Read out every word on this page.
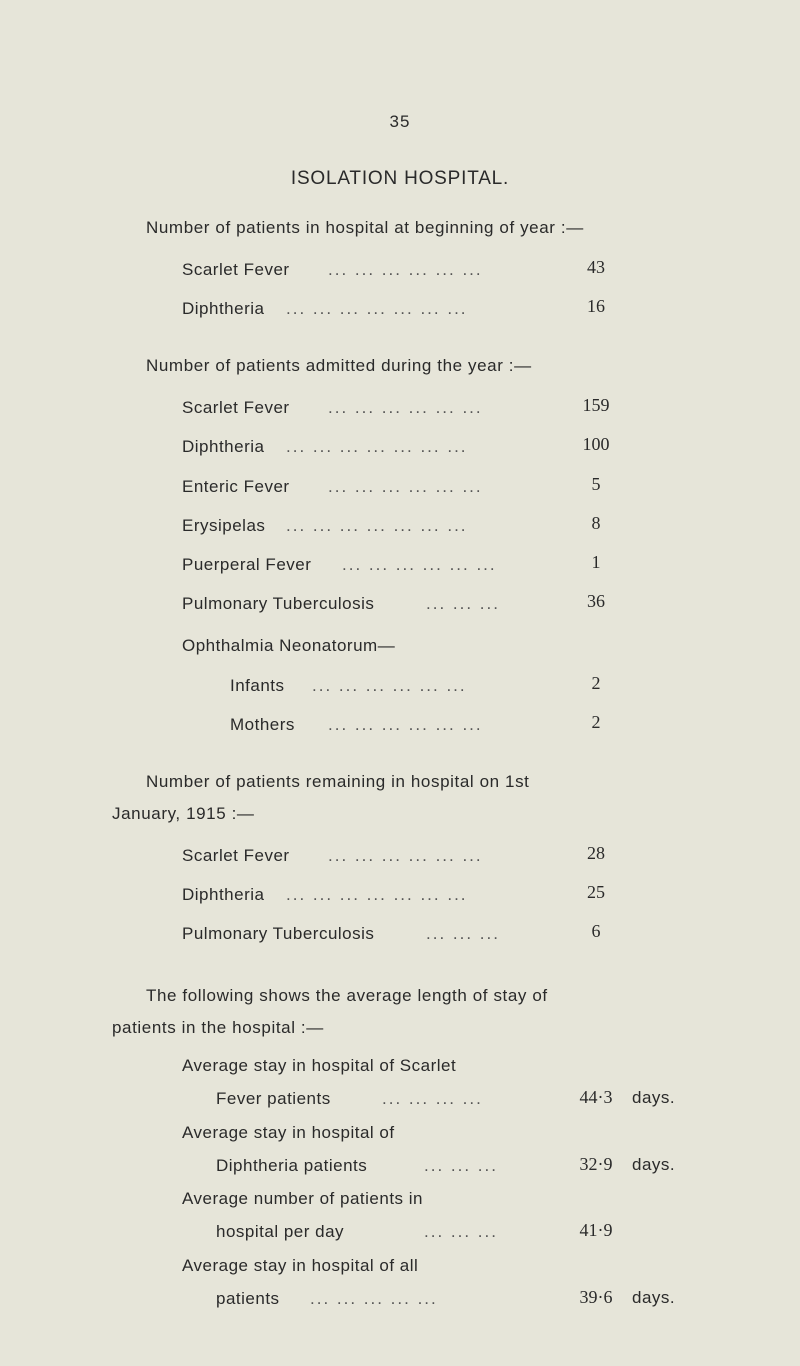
35
ISOLATION HOSPITAL.
Number of patients in hospital at beginning of year :—
Scarlet Fever ... ... ... ... ... ...	43
Diphtheria ... ... ... ... ... ... ...	16
Number of patients admitted during the year :—
Scarlet Fever ... ... ... ... ... ...	159
Diphtheria ... ... ... ... ... ... ...	100
Enteric Fever ... ... ... ... ... ...	5
Erysipelas ... ... ... ... ... ... ...	8
Puerperal Fever ... ... ... ... ... ...	1
Pulmonary Tuberculosis	... ... ...	36
Ophthalmia Neonatorum—
Infants ... ... ... ... ... ...	2
Mothers ... ... ... ... ... ...	2
Number of patients remaining in hospital on 1st
January, 1915 :—
Scarlet Fever ... ... ... ... ... ...	28
Diphtheria ... ... ... ... ... ... ...	25
Pulmonary Tuberculosis	... ... ...	6
The following shows the average length of stay of
patients in the hospital :—
Average stay in hospital of Scarlet
Fever patients	... ... ... ...	44·3	days.
Average stay in hospital of
Diphtheria patients	... ... ...	32·9	days.
Average number of patients in
hospital per day	... ... ...	41·9
Average stay in hospital of all
patients ... ... ... ... ...	39·6	days.
